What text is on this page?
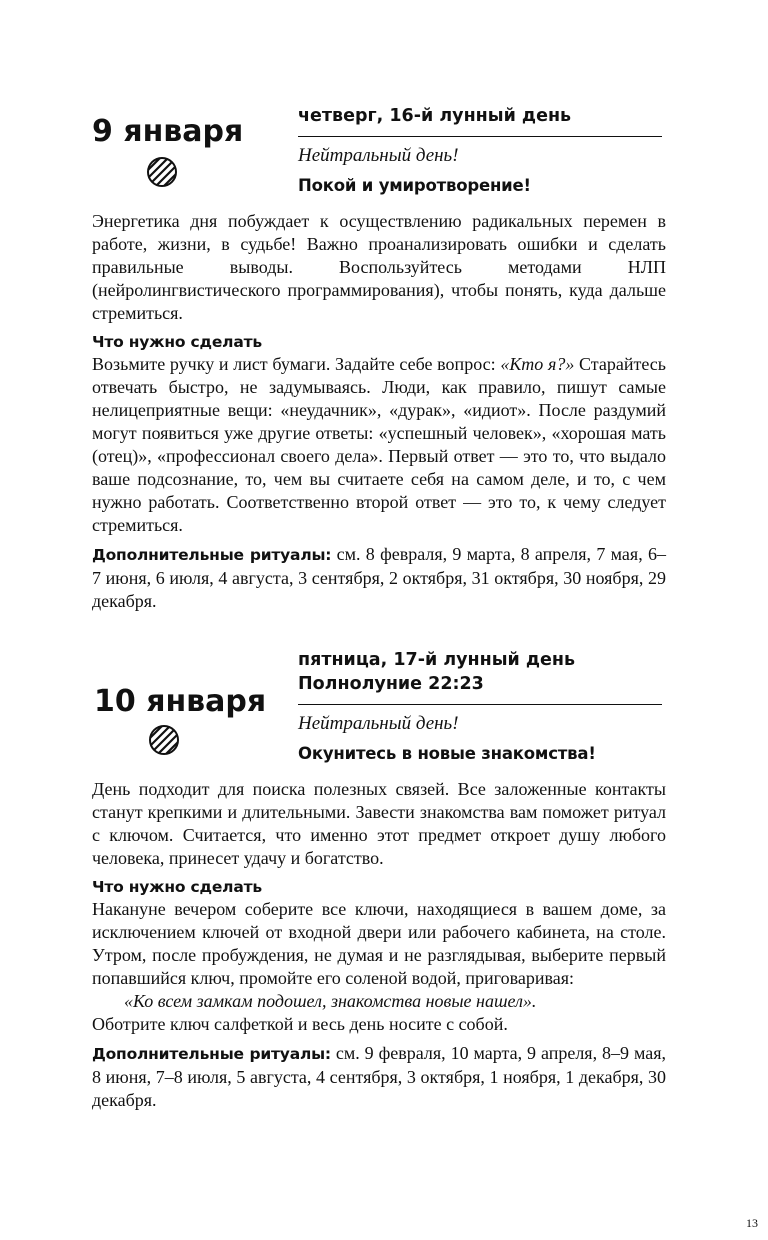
9 января	четверг, 16-й лунный день
Нейтральный день!
Покой и умиротворение!

Энергетика дня побуждает к осуществлению радикальных перемен в работе, жизни, в судьбе! Важно проанализировать ошибки и сделать правильные выводы. Воспользуйтесь методами НЛП (нейролингвистического программирования), чтобы понять, куда дальше стремиться.

Что нужно сделать

Возьмите ручку и лист бумаги. Задайте себе вопрос: «Кто я?» Старайтесь отвечать быстро, не задумываясь. Люди, как правило, пишут самые нелицеприятные вещи: «неудачник», «дурак», «идиот». После раздумий могут появиться уже другие ответы: «успешный человек», «хорошая мать (отец)», «профессионал своего дела». Первый ответ — это то, что выдало ваше подсознание, то, чем вы считаете себя на самом деле, и то, с чем нужно работать. Соответственно второй ответ — это то, к чему следует стремиться.

Дополнительные ритуалы: см. 8 февраля, 9 марта, 8 апреля, 7 мая, 6–7 июня, 6 июля, 4 августа, 3 сентября, 2 октября, 31 октября, 30 ноября, 29 декабря.

10 января
пятница, 17-й лунный день
Полнолуние 22:23
Нейтральный день!
Окунитесь в новые знакомства!

День подходит для поиска полезных связей. Все заложенные контакты станут крепкими и длительными. Завести знакомства вам поможет ритуал с ключом. Считается, что именно этот предмет откроет душу любого человека, принесет удачу и богатство.

Что нужно сделать

Накануне вечером соберите все ключи, находящиеся в вашем доме, за исключением ключей от входной двери или рабочего кабинета, на столе. Утром, после пробуждения, не думая и не разглядывая, выберите первый попавшийся ключ, промойте его соленой водой, приговаривая:

«Ко всем замкам подошел, знакомства новые нашел».

Оботрите ключ салфеткой и весь день носите с собой.

Дополнительные ритуалы: см. 9 февраля, 10 марта, 9 апреля, 8–9 мая, 8 июня, 7–8 июля, 5 августа, 4 сентября, 3 октября, 1 ноября, 1 декабря, 30 декабря.

13
